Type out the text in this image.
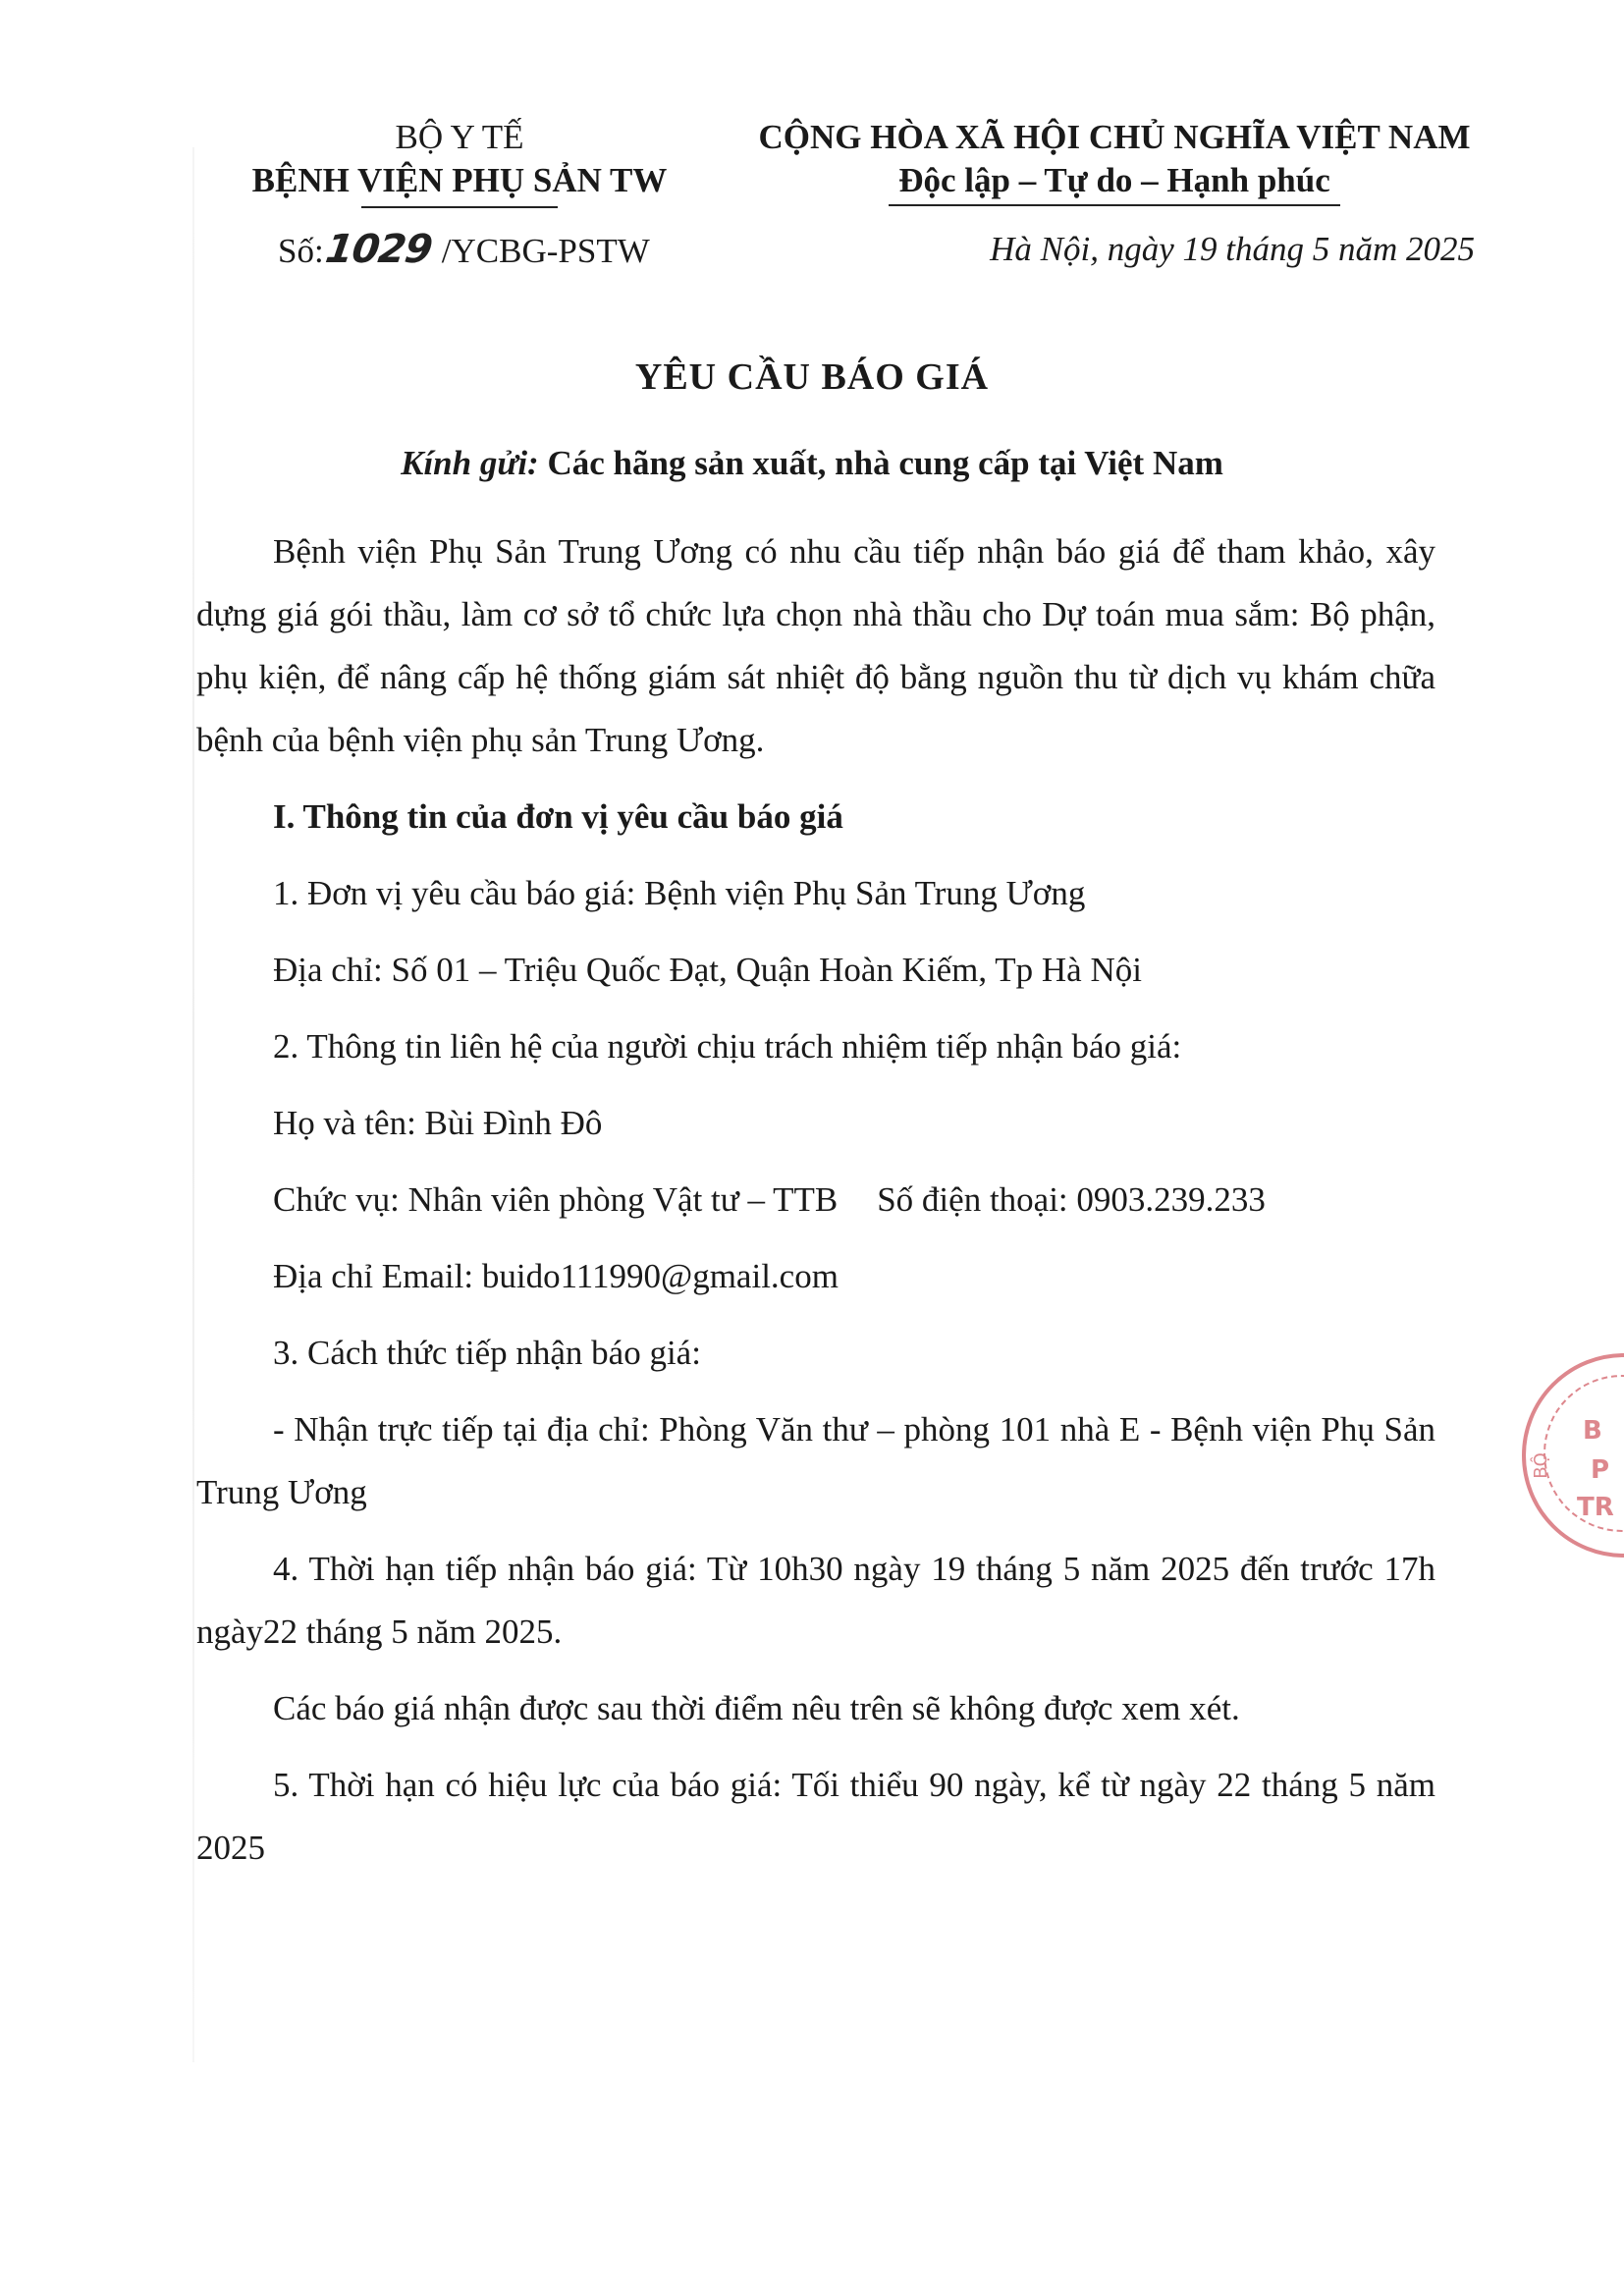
BỘ Y TẾ
BỆNH VIỆN PHỤ SẢN TW
Số:1029 /YCBG-PSTW
CỘNG HÒA XÃ HỘI CHỦ NGHĨA VIỆT NAM
Độc lập – Tự do – Hạnh phúc
Hà Nội, ngày 19 tháng 5 năm 2025
YÊU CẦU BÁO GIÁ
Kính gửi: Các hãng sản xuất, nhà cung cấp tại Việt Nam

Bệnh viện Phụ Sản Trung Ương có nhu cầu tiếp nhận báo giá để tham khảo, xây dựng giá gói thầu, làm cơ sở tổ chức lựa chọn nhà thầu cho Dự toán mua sắm: Bộ phận, phụ kiện, để nâng cấp hệ thống giám sát nhiệt độ bằng nguồn thu từ dịch vụ khám chữa bệnh của bệnh viện phụ sản Trung Ương.

I. Thông tin của đơn vị yêu cầu báo giá
1. Đơn vị yêu cầu báo giá: Bệnh viện Phụ Sản Trung Ương
Địa chỉ: Số 01 – Triệu Quốc Đạt, Quận Hoàn Kiếm, Tp Hà Nội
2. Thông tin liên hệ của người chịu trách nhiệm tiếp nhận báo giá:
Họ và tên: Bùi Đình Đô
Chức vụ: Nhân viên phòng Vật tư – TTB Số điện thoại: 0903.239.233
Địa chỉ Email: buido111990@gmail.com
3. Cách thức tiếp nhận báo giá:

- Nhận trực tiếp tại địa chỉ: Phòng Văn thư – phòng 101 nhà E - Bệnh viện Phụ Sản Trung Ương

4. Thời hạn tiếp nhận báo giá: Từ 10h30 ngày 19 tháng 5 năm 2025 đến trước 17h ngày22 tháng 5 năm 2025.

Các báo giá nhận được sau thời điểm nêu trên sẽ không được xem xét.

5. Thời hạn có hiệu lực của báo giá: Tối thiểu 90 ngày, kể từ ngày 22 tháng 5 năm 2025

B
P
TR
BỘ
